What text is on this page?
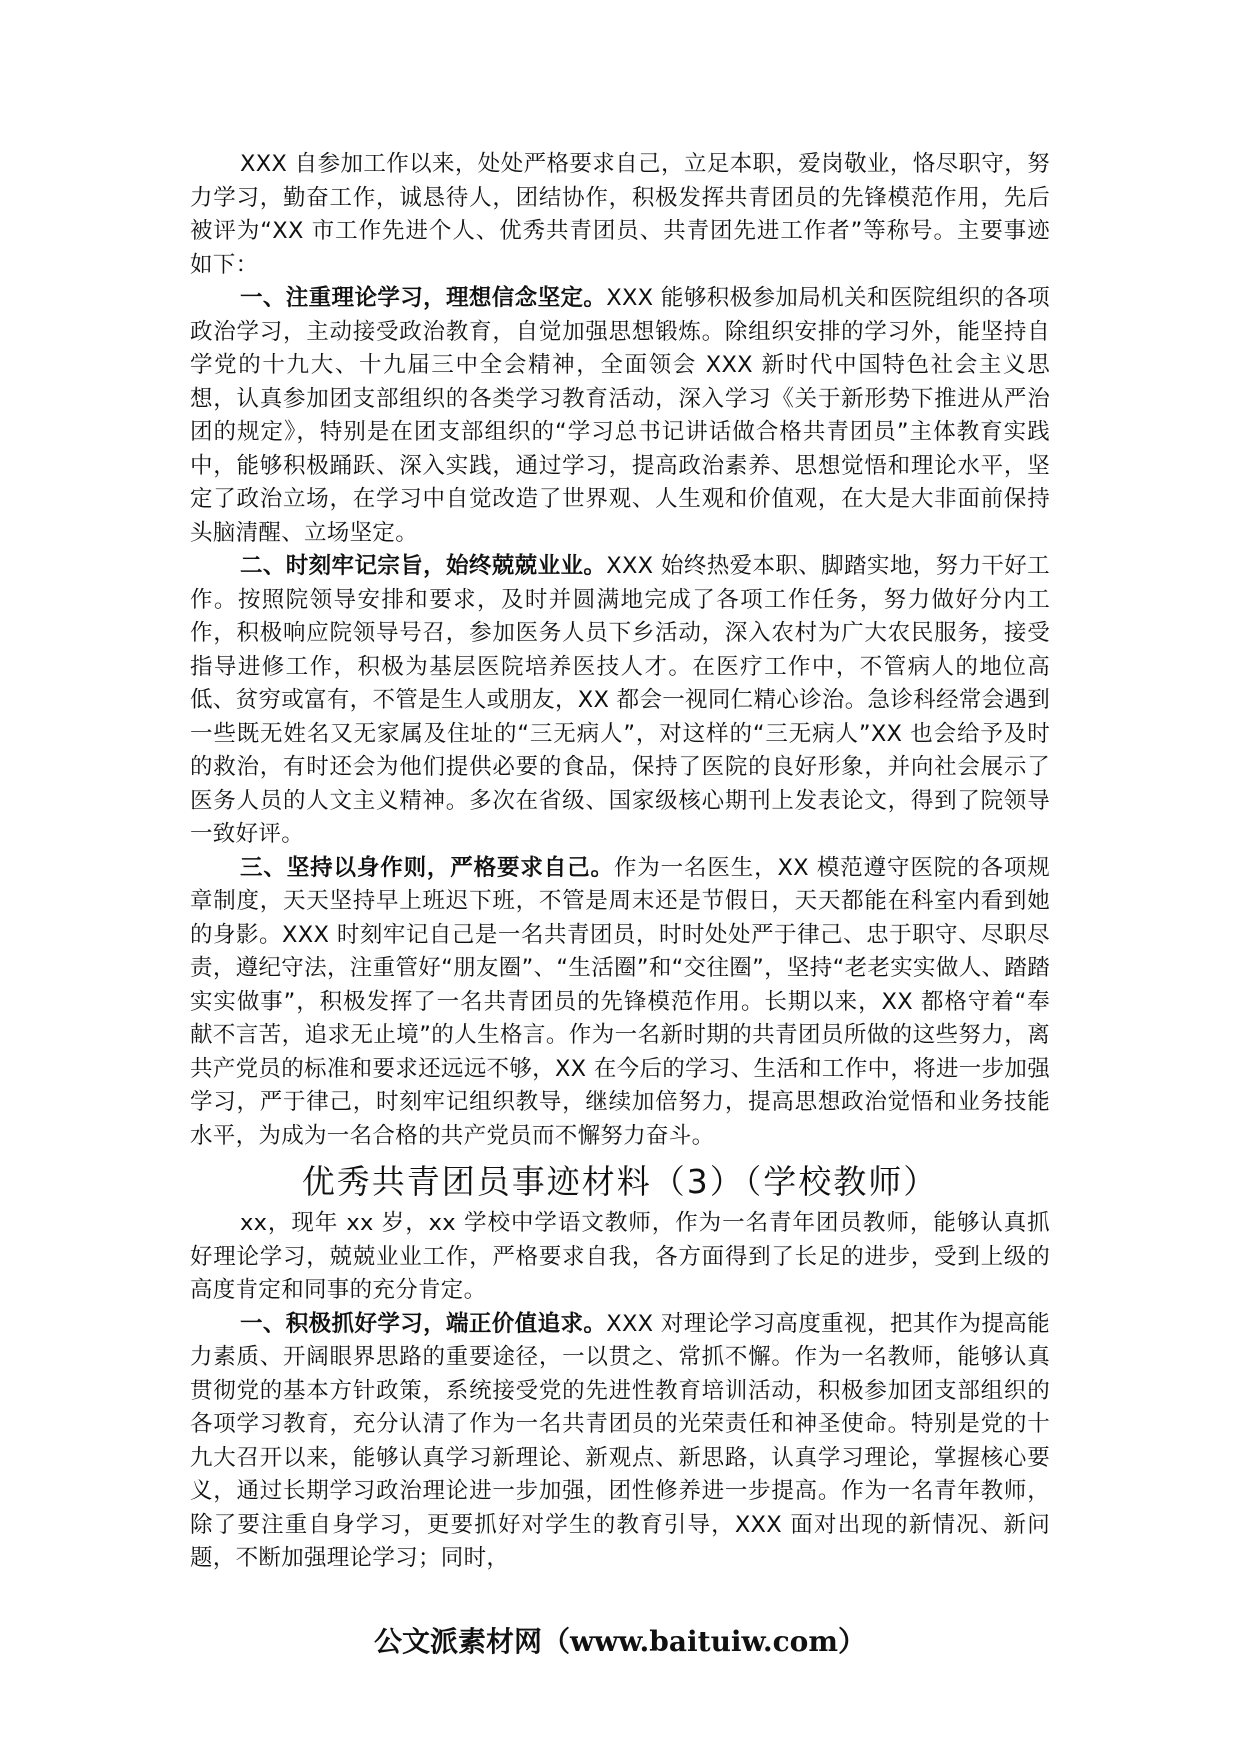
XXX 自参加工作以来，处处严格要求自己，立足本职，爱岗敬业，恪尽职守，努力学习，勤奋工作，诚恳待人，团结协作，积极发挥共青团员的先锋模范作用，先后被评为“XX 市工作先进个人、优秀共青团员、共青团先进工作者”等称号。主要事迹如下：

一、注重理论学习，理想信念坚定。XXX 能够积极参加局机关和医院组织的各项政治学习，主动接受政治教育，自觉加强思想锻炼。除组织安排的学习外，能坚持自学党的十九大、十九届三中全会精神，全面领会 XXX 新时代中国特色社会主义思想，认真参加团支部组织的各类学习教育活动，深入学习《关于新形势下推进从严治团的规定》，特别是在团支部组织的“学习总书记讲话做合格共青团员”主体教育实践中，能够积极踊跃、深入实践，通过学习，提高政治素养、思想觉悟和理论水平，坚定了政治立场，在学习中自觉改造了世界观、人生观和价值观，在大是大非面前保持头脑清醒、立场坚定。

二、时刻牢记宗旨，始终兢兢业业。XXX 始终热爱本职、脚踏实地，努力干好工作。按照院领导安排和要求，及时并圆满地完成了各项工作任务，努力做好分内工作，积极响应院领导号召，参加医务人员下乡活动，深入农村为广大农民服务，接受指导进修工作，积极为基层医院培养医技人才。在医疗工作中，不管病人的地位高低、贫穷或富有，不管是生人或朋友，XX 都会一视同仁精心诊治。急诊科经常会遇到一些既无姓名又无家属及住址的“三无病人”，对这样的“三无病人”XX 也会给予及时的救治，有时还会为他们提供必要的食品，保持了医院的良好形象，并向社会展示了医务人员的人文主义精神。多次在省级、国家级核心期刊上发表论文，得到了院领导一致好评。

三、坚持以身作则，严格要求自己。作为一名医生，XX 模范遵守医院的各项规章制度，天天坚持早上班迟下班，不管是周末还是节假日，天天都能在科室内看到她的身影。XXX 时刻牢记自己是一名共青团员，时时处处严于律己、忠于职守、尽职尽责，遵纪守法，注重管好“朋友圈”、“生活圈”和“交往圈”，坚持“老老实实做人、踏踏实实做事”，积极发挥了一名共青团员的先锋模范作用。长期以来，XX 都格守着“奉献不言苦，追求无止境”的人生格言。作为一名新时期的共青团员所做的这些努力，离共产党员的标准和要求还远远不够，XX 在今后的学习、生活和工作中，将进一步加强学习，严于律己，时刻牢记组织教导，继续加倍努力，提高思想政治觉悟和业务技能水平，为成为一名合格的共产党员而不懈努力奋斗。

优秀共青团员事迹材料（3）（学校教师）

xx，现年 xx 岁，xx 学校中学语文教师，作为一名青年团员教师，能够认真抓好理论学习，兢兢业业工作，严格要求自我，各方面得到了长足的进步，受到上级的高度肯定和同事的充分肯定。

一、积极抓好学习，端正价值追求。XXX 对理论学习高度重视，把其作为提高能力素质、开阔眼界思路的重要途径，一以贯之、常抓不懈。作为一名教师，能够认真贯彻党的基本方针政策，系统接受党的先进性教育培训活动，积极参加团支部组织的各项学习教育，充分认清了作为一名共青团员的光荣责任和神圣使命。特别是党的十九大召开以来，能够认真学习新理论、新观点、新思路，认真学习理论，掌握核心要义，通过长期学习政治理论进一步加强，团性修养进一步提高。作为一名青年教师，除了要注重自身学习，更要抓好对学生的教育引导，XXX 面对出现的新情况、新问题，不断加强理论学习；同时，

公文派素材网（www.baituiw.com）
